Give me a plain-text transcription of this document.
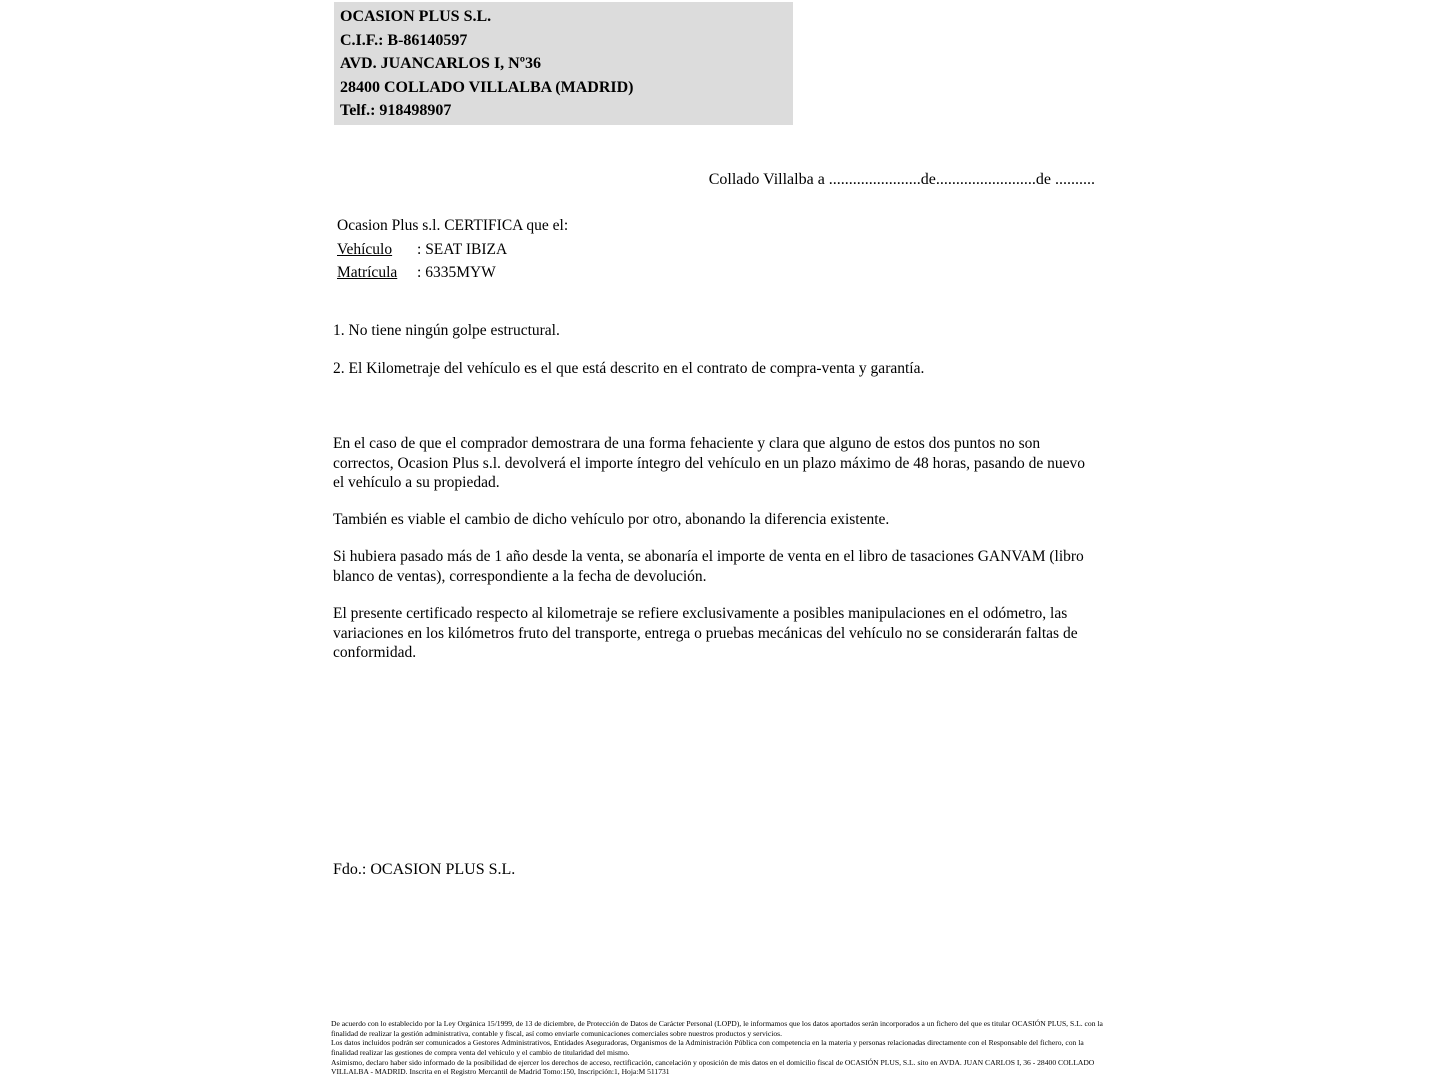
OCASION PLUS S.L.
C.I.F.: B-86140597
AVD. JUANCARLOS I, Nº36
28400 COLLADO VILLALBA (MADRID)
Telf.: 918498907
Collado Villalba a .......................de.........................de ..........
Ocasion Plus s.l. CERTIFICA que el:
Vehículo : SEAT IBIZA
Matrícula : 6335MYW

1. No tiene ningún golpe estructural.

2. El Kilometraje del vehículo es el que está descrito en el contrato de compra-venta y garantía.

En el caso de que el comprador demostrara de una forma fehaciente y clara que alguno de estos dos puntos no son correctos, Ocasion Plus s.l. devolverá el importe íntegro del vehículo en un plazo máximo de 48 horas, pasando de nuevo el vehículo a su propiedad.

También es viable el cambio de dicho vehículo por otro, abonando la diferencia existente.

Si hubiera pasado más de 1 año desde la venta, se abonaría el importe de venta en el libro de tasaciones GANVAM (libro blanco de ventas), correspondiente a la fecha de devolución.

El presente certificado respecto al kilometraje se refiere exclusivamente a posibles manipulaciones en el odómetro, las variaciones en los kilómetros fruto del transporte, entrega o pruebas mecánicas del vehículo no se considerarán faltas de conformidad.

Fdo.: OCASION PLUS S.L.

De acuerdo con lo establecido por la Ley Orgánica 15/1999, de 13 de diciembre, de Protección de Datos de Carácter Personal (LOPD), le informamos que los datos aportados serán incorporados a un fichero del que es titular OCASIÓN PLUS, S.L. con la finalidad de realizar la gestión administrativa, contable y fiscal, así como enviarle comunicaciones comerciales sobre nuestros productos y servicios.

Los datos incluidos podrán ser comunicados a Gestores Administrativos, Entidades Aseguradoras, Organismos de la Administración Pública con competencia en la materia y personas relacionadas directamente con el Responsable del fichero, con la finalidad realizar las gestiones de compra venta del vehículo y el cambio de titularidad del mismo.

Asimismo, declaro haber sido informado de la posibilidad de ejercer los derechos de acceso, rectificación, cancelación y oposición de mis datos en el domicilio fiscal de OCASIÓN PLUS, S.L. sito en AVDA. JUAN CARLOS I, 36 - 28400 COLLADO VILLALBA - MADRID. Inscrita en el Registro Mercantil de Madrid Tomo:150, Inscripción:1, Hoja:M 511731
